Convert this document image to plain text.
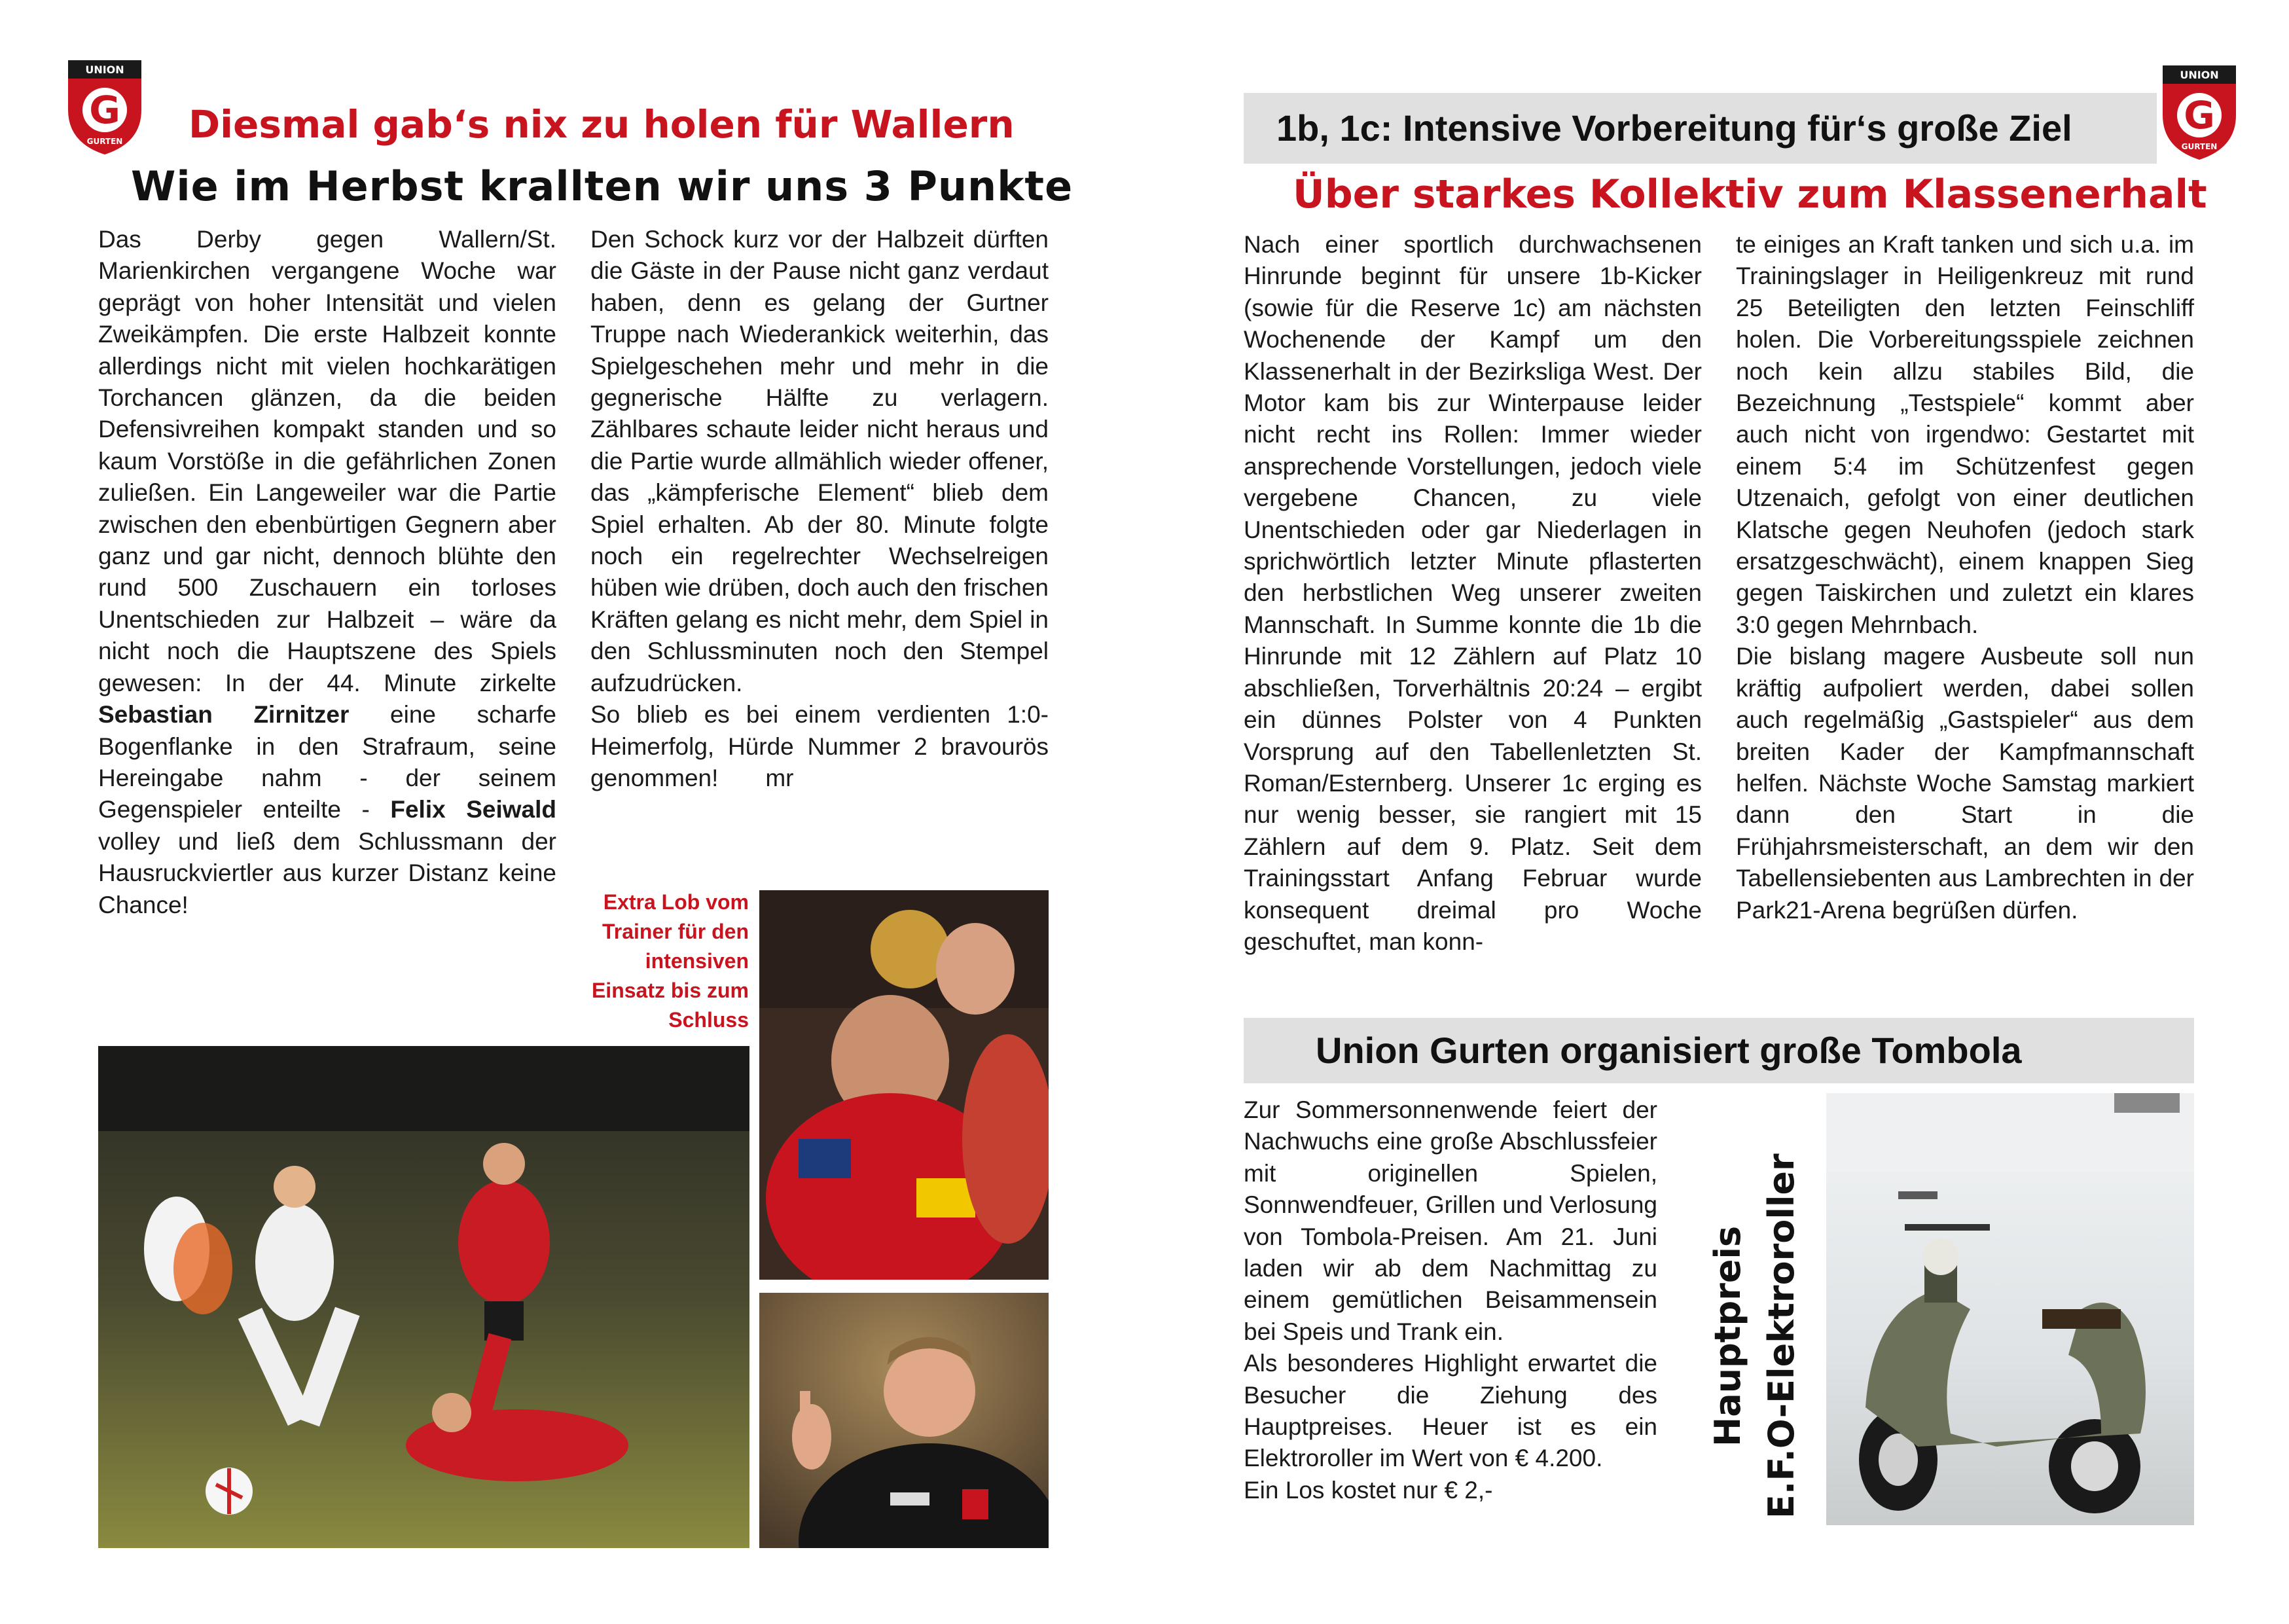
UNION
G
GURTEN
UNION
G
GURTEN
Diesmal gab‘s nix zu holen für Wallern
Wie im Herbst krallten wir uns 3 Punkte

Das Derby gegen Wallern/St. Marienkirchen vergangene Woche war geprägt von hoher Intensität und vielen Zweikämpfen. Die erste Halbzeit konnte allerdings nicht mit vielen hochkarätigen Torchancen glänzen, da die beiden Defensivreihen kompakt standen und so kaum Vorstöße in die gefährlichen Zonen zuließen. Ein Langeweiler war die Partie zwischen den ebenbürtigen Gegnern aber ganz und gar nicht, dennoch blühte den rund 500 Zuschauern ein torloses Unentschieden zur Halbzeit – wäre da nicht noch die Hauptszene des Spiels gewesen: In der 44. Minute zirkelte Sebastian Zirnitzer eine scharfe Bogenflanke in den Strafraum, seine Hereingabe nahm - der seinem Gegenspieler enteilte - Felix Seiwald volley und ließ dem Schlussmann der Hausruckviertler aus kurzer Distanz keine Chance!

Den Schock kurz vor der Halbzeit dürften die Gäste in der Pause nicht ganz verdaut haben, denn es gelang der Gurtner Truppe nach Wiederankick weiterhin, das Spielgeschehen mehr und mehr in die gegnerische Hälfte zu verlagern. Zählbares schaute leider nicht heraus und die Partie wurde allmählich wieder offener, das „kämpferische Element“ blieb dem Spiel erhalten. Ab der 80. Minute folgte noch ein regelrechter Wechselreigen hüben wie drüben, doch auch den frischen Kräften gelang es nicht mehr, dem Spiel in den Schlussminuten noch den Stempel aufzudrücken.

So blieb es bei einem verdienten 1:0-Heimerfolg, Hürde Nummer 2 bravourös genommen! mr

Extra Lob vom Trainer für den intensiven Einsatz bis zum Schluss
1b, 1c: Intensive Vorbereitung für‘s große Ziel
Über starkes Kollektiv zum Klassenerhalt

Nach einer sportlich durchwachsenen Hinrunde beginnt für unsere 1b-Kicker (sowie für die Reserve 1c) am nächsten Wochenende der Kampf um den Klassenerhalt in der Bezirksliga West. Der Motor kam bis zur Winterpause leider nicht recht ins Rollen: Immer wieder ansprechende Vorstellungen, jedoch viele vergebene Chancen, zu viele Unentschieden oder gar Niederlagen in sprichwörtlich letzter Minute pflasterten den herbstlichen Weg unserer zweiten Mannschaft. In Summe konnte die 1b die Hinrunde mit 12 Zählern auf Platz 10 abschließen, Torverhältnis 20:24 – ergibt ein dünnes Polster von 4 Punkten Vorsprung auf den Tabellenletzten St. Roman/Esternberg. Unserer 1c erging es nur wenig besser, sie rangiert mit 15 Zählern auf dem 9. Platz. Seit dem Trainingsstart Anfang Februar wurde konsequent dreimal pro Woche geschuftet, man konn-

te einiges an Kraft tanken und sich u.a. im Trainingslager in Heiligenkreuz mit rund 25 Beteiligten den letzten Feinschliff holen. Die Vorbereitungsspiele zeichnen noch kein allzu stabiles Bild, die Bezeichnung „Testspiele“ kommt aber auch nicht von irgendwo: Gestartet mit einem 5:4 im Schützenfest gegen Utzenaich, gefolgt von einer deutlichen Klatsche gegen Neuhofen (jedoch stark ersatzgeschwächt), einem knappen Sieg gegen Taiskirchen und zuletzt ein klares 3:0 gegen Mehrnbach.

Die bislang magere Ausbeute soll nun kräftig aufpoliert werden, dabei sollen auch regelmäßig „Gastspieler“ aus dem breiten Kader der Kampfmannschaft helfen. Nächste Woche Samstag markiert dann den Start in die Frühjahrsmeisterschaft, an dem wir den Tabellensiebenten aus Lambrechten in der Park21-Arena begrüßen dürfen.

Union Gurten organisiert große Tombola

Zur Sommersonnenwende feiert der Nachwuchs eine große Abschlussfeier mit originellen Spielen, Sonnwendfeuer, Grillen und Verlosung von Tombola-Preisen. Am 21. Juni laden wir ab dem Nachmittag zu einem gemütlichen Beisammensein bei Speis und Trank ein.

Als besonderes Highlight erwartet die Besucher die Ziehung des Hauptpreises. Heuer ist es ein Elektroroller im Wert von € 4.200.

Ein Los kostet nur € 2,-

Hauptpreis E.F.O-Elektroroller
